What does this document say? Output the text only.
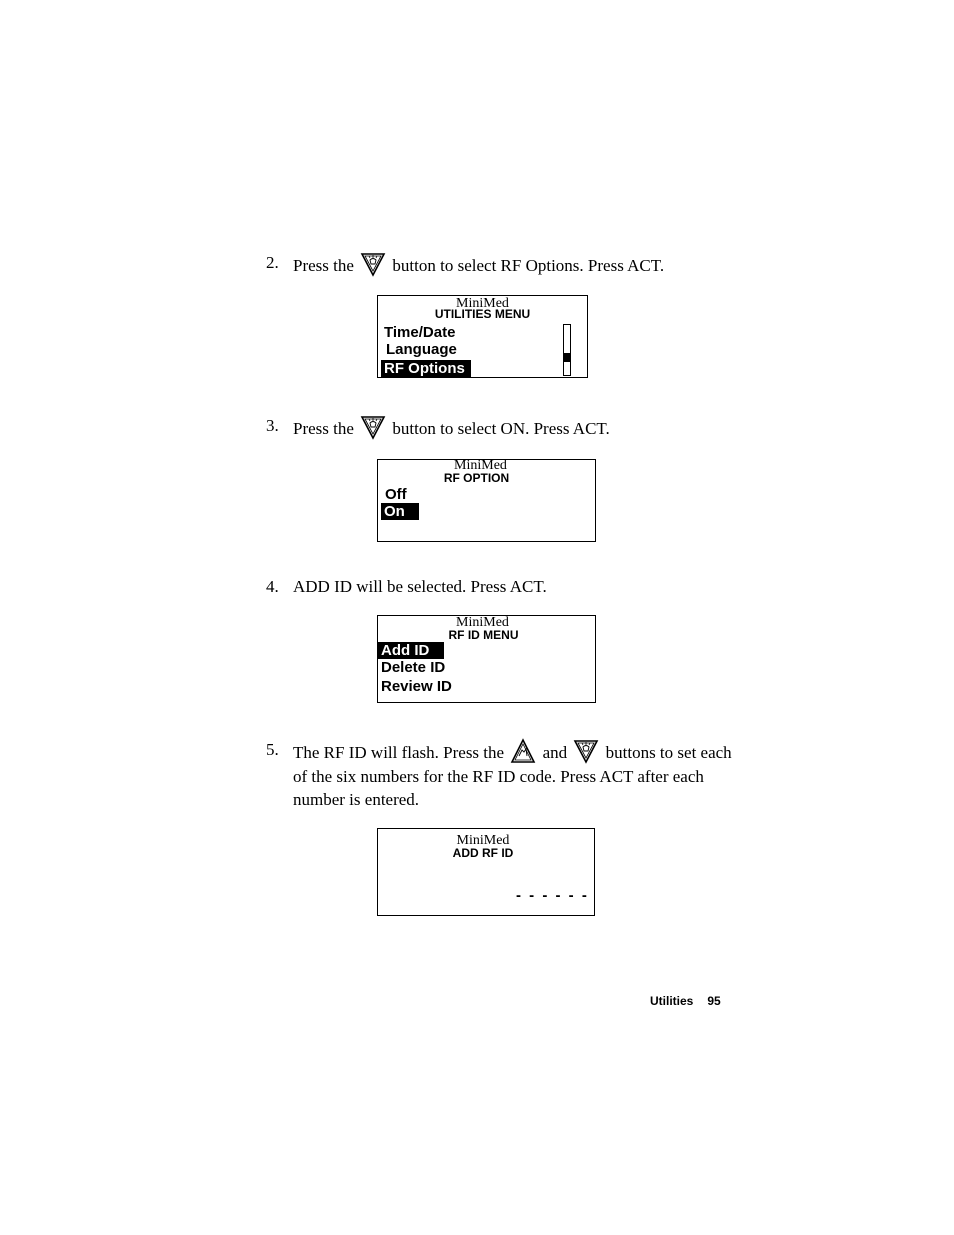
2. Press the button to select RF Options. Press ACT.
MiniMed
UTILITIES MENU
Time/Date
Language
RF Options
3. Press the button to select ON. Press ACT.
MiniMed
RF OPTION
Off
On
4. ADD ID will be selected. Press ACT.
MiniMed
RF ID MENU
Add ID
Delete ID
Review ID
5. The RF ID will flash. Press the and buttons to set each
of the six numbers for the RF ID code. Press ACT after each
number is entered.
MiniMed
ADD RF ID
- - - - - -
Utilities 95
